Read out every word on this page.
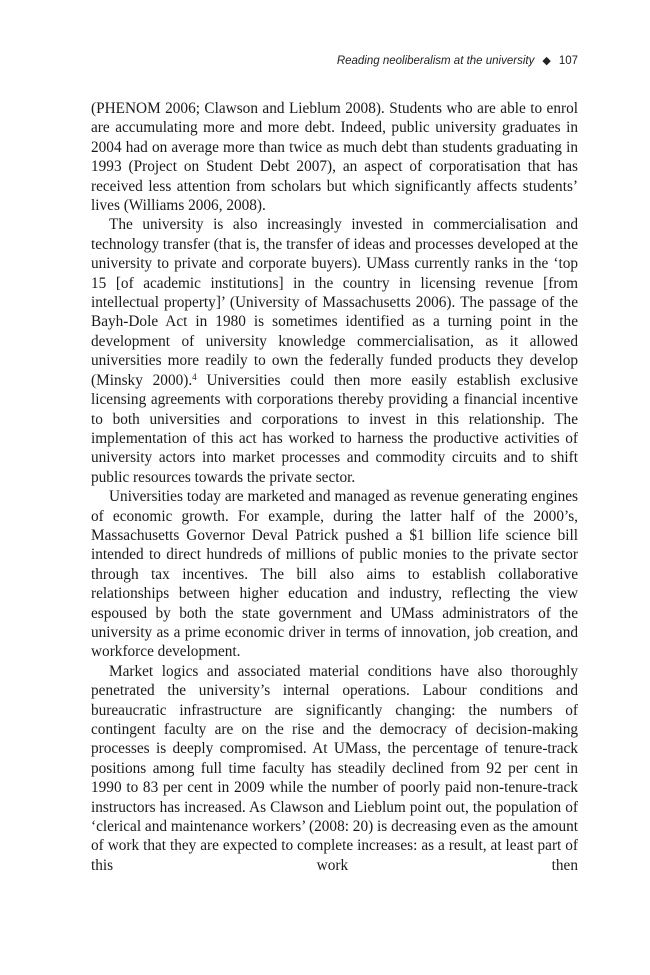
Reading neoliberalism at the university ◆ 107

(PHENOM 2006; Clawson and Lieblum 2008). Students who are able to enrol are accumulating more and more debt. Indeed, public university graduates in 2004 had on average more than twice as much debt than students graduating in 1993 (Project on Student Debt 2007), an aspect of corporatisation that has received less attention from scholars but which significantly affects students’ lives (Williams 2006, 2008).

The university is also increasingly invested in commercialisation and technology transfer (that is, the transfer of ideas and processes developed at the university to private and corporate buyers). UMass currently ranks in the ‘top 15 [of academic institutions] in the country in licensing revenue [from intellectual property]’ (University of Massachusetts 2006). The passage of the Bayh-Dole Act in 1980 is sometimes identified as a turning point in the development of university knowledge commercialisation, as it allowed universities more readily to own the federally funded products they develop (Minsky 2000).$^4$ Universities could then more easily establish exclusive licensing agreements with corporations thereby providing a financial incentive to both universities and corporations to invest in this relationship. The implementation of this act has worked to harness the productive activities of university actors into market processes and commodity circuits and to shift public resources towards the private sector.

Universities today are marketed and managed as revenue generating engines of economic growth. For example, during the latter half of the 2000’s, Massachusetts Governor Deval Patrick pushed a $1 billion life science bill intended to direct hundreds of millions of public monies to the private sector through tax incentives. The bill also aims to establish collaborative relationships between higher education and industry, reflecting the view espoused by both the state government and UMass administrators of the university as a prime economic driver in terms of innovation, job creation, and workforce development.

Market logics and associated material conditions have also thoroughly penetrated the university’s internal operations. Labour conditions and bureaucratic infrastructure are significantly changing: the numbers of contingent faculty are on the rise and the democracy of decision-making processes is deeply compromised. At UMass, the percentage of tenure-track positions among full time faculty has steadily declined from 92 per cent in 1990 to 83 per cent in 2009 while the number of poorly paid non-tenure-track instructors has increased. As Clawson and Lieblum point out, the population of ‘clerical and maintenance workers’ (2008: 20) is decreasing even as the amount of work that they are expected to complete increases: as a result, at least part of this work then
